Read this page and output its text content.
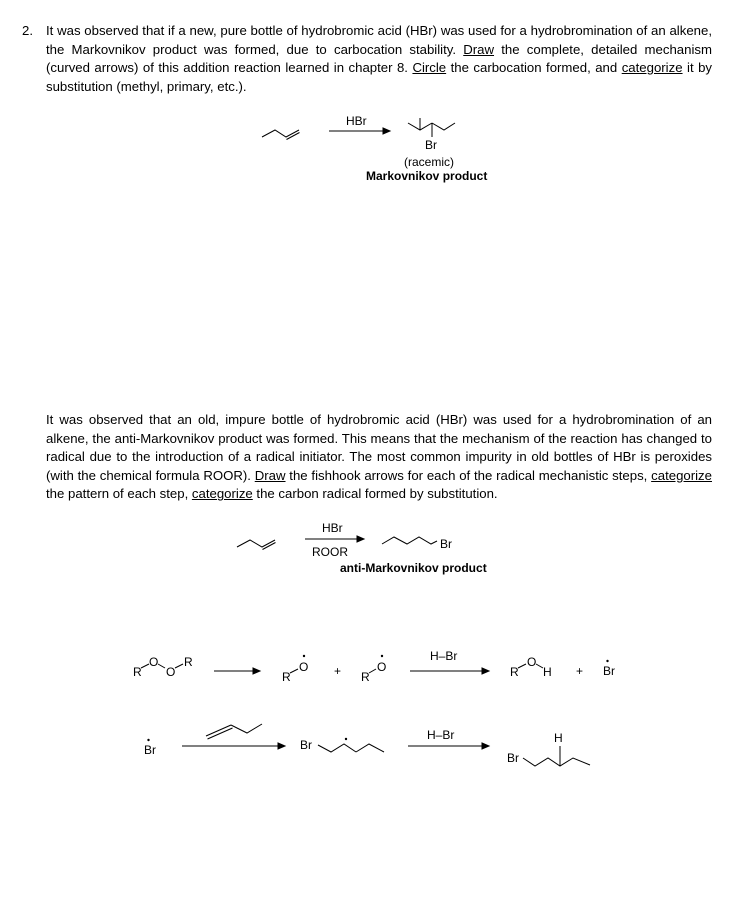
2. It was observed that if a new, pure bottle of hydrobromic acid (HBr) was used for a hydrobromination of an alkene, the Markovnikov product was formed, due to carbocation stability. Draw the complete, detailed mechanism (curved arrows) of this addition reaction learned in chapter 8. Circle the carbocation formed, and categorize it by substitution (methyl, primary, etc.).
It was observed that an old, impure bottle of hydrobromic acid (HBr) was used for a hydrobromination of an alkene, the anti-Markovnikov product was formed. This means that the mechanism of the reaction has changed to radical due to the introduction of a radical initiator. The most common impurity in old bottles of HBr is peroxides (with the chemical formula ROOR). Draw the fishhook arrows for each of the radical mechanistic steps, categorize the pattern of each step, categorize the carbon radical formed by substitution.
HBr
Br
(racemic)
Markovnikov product
HBr
ROOR
Br
anti-Markovnikov product
R
O
O
R
R
O + R
O
H–Br
R
O
H + Br
Br	Br
H–Br
Br
H
